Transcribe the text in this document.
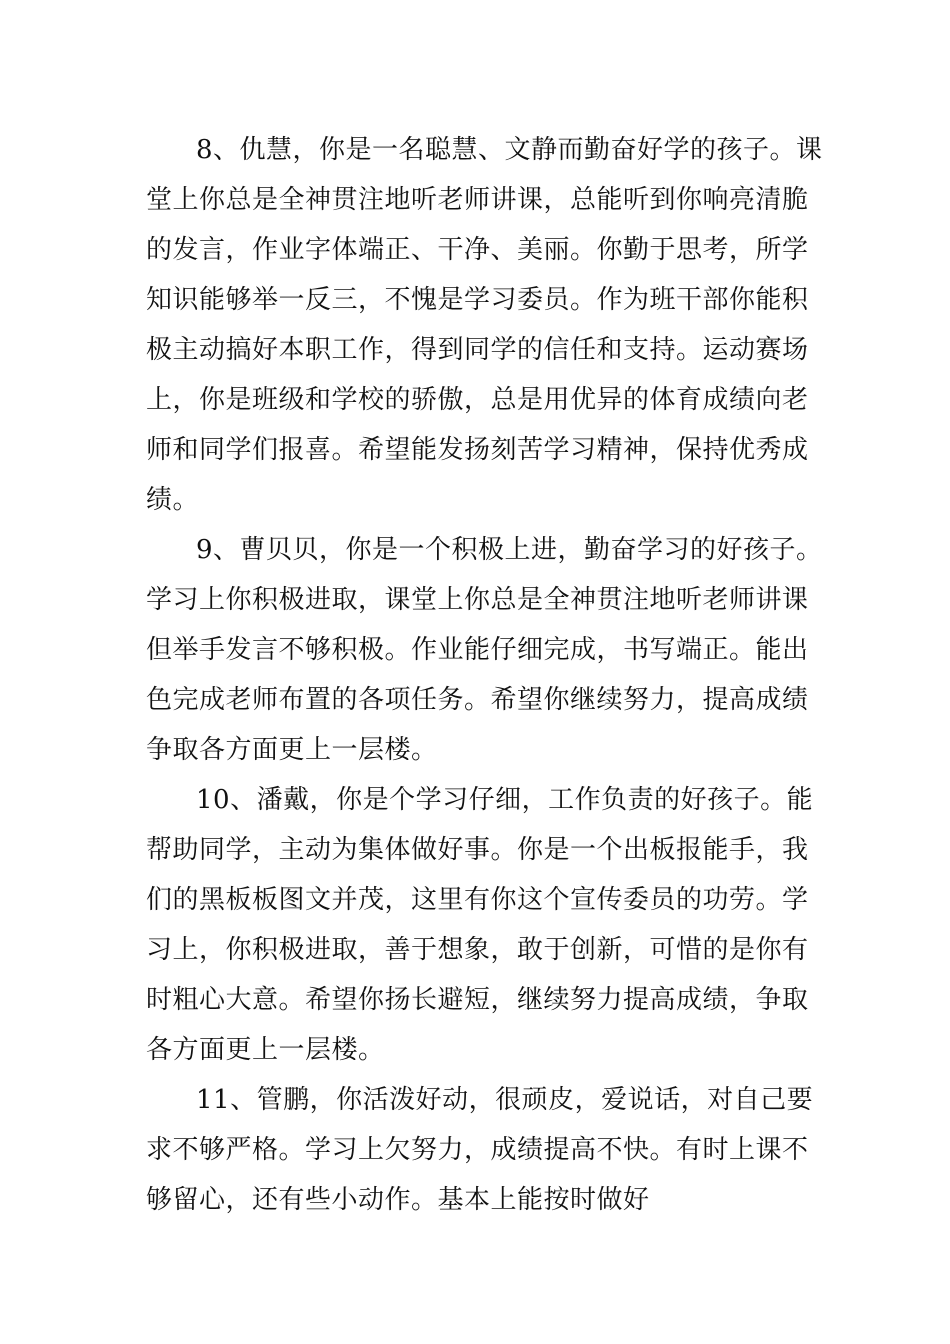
8、仇慧，你是一名聪慧、文静而勤奋好学的孩子。课
堂上你总是全神贯注地听老师讲课，总能听到你响亮清脆
的发言，作业字体端正、干净、美丽。你勤于思考，所学
知识能够举一反三，不愧是学习委员。作为班干部你能积
极主动搞好本职工作，得到同学的信任和支持。运动赛场
上，你是班级和学校的骄傲，总是用优异的体育成绩向老
师和同学们报喜。希望能发扬刻苦学习精神，保持优秀成
绩。
9、曹贝贝，你是一个积极上进，勤奋学习的好孩子。
学习上你积极进取，课堂上你总是全神贯注地听老师讲课
但举手发言不够积极。作业能仔细完成，书写端正。能出
色完成老师布置的各项任务。希望你继续努力，提高成绩
争取各方面更上一层楼。
10、潘戴，你是个学习仔细，工作负责的好孩子。能
帮助同学，主动为集体做好事。你是一个出板报能手，我
们的黑板板图文并茂，这里有你这个宣传委员的功劳。学
习上，你积极进取，善于想象，敢于创新，可惜的是你有
时粗心大意。希望你扬长避短，继续努力提高成绩，争取
各方面更上一层楼。
11、管鹏，你活泼好动，很顽皮，爱说话，对自己要
求不够严格。学习上欠努力，成绩提高不快。有时上课不
够留心，还有些小动作。基本上能按时做好
